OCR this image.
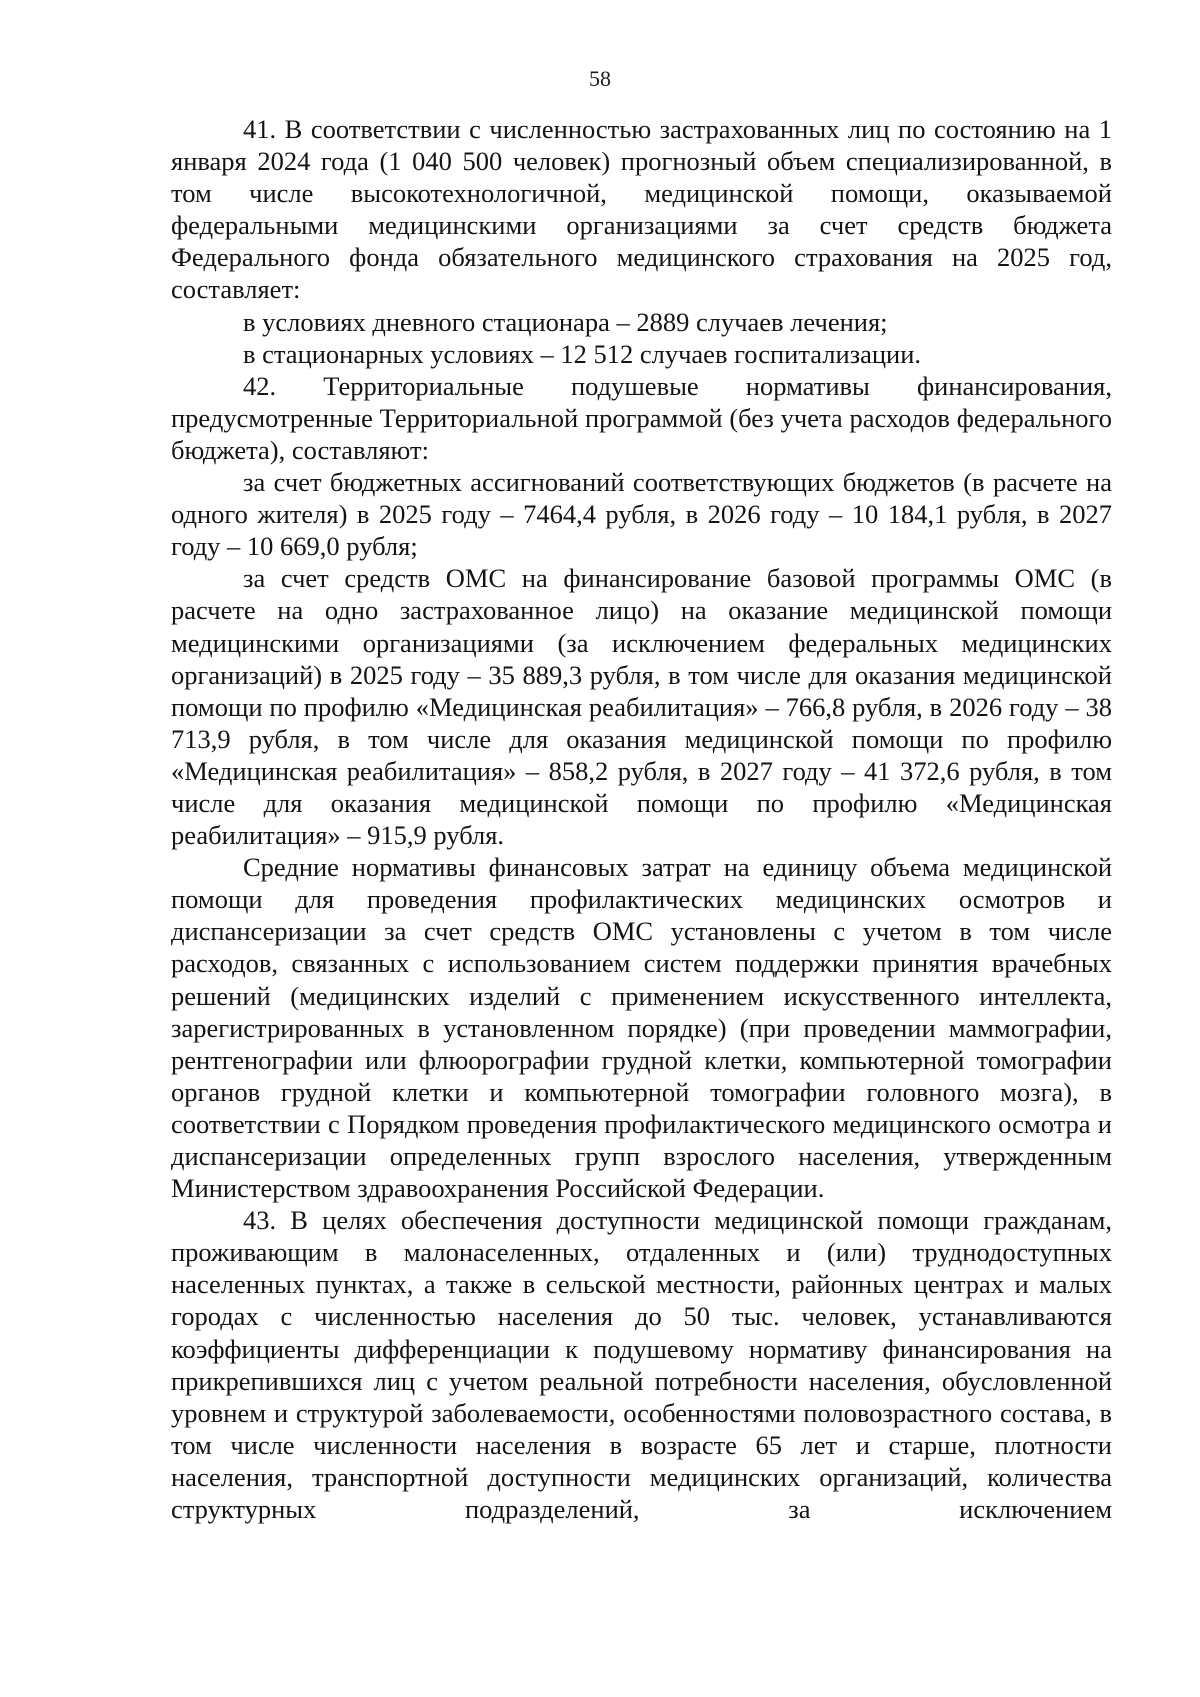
58

41. В соответствии с численностью застрахованных лиц по состоянию на 1 января 2024 года (1 040 500 человек) прогнозный объем специализированной, в том числе высокотехнологичной, медицинской помощи, оказываемой федеральными медицинскими организациями за счет средств бюджета Федерального фонда обязательного медицинского страхования на 2025 год, составляет:

в условиях дневного стационара – 2889 случаев лечения;

в стационарных условиях – 12 512 случаев госпитализации.

42. Территориальные подушевые нормативы финансирования, предусмотренные Территориальной программой (без учета расходов федерального бюджета), составляют:

за счет бюджетных ассигнований соответствующих бюджетов (в расчете на одного жителя) в 2025 году – 7464,4 рубля, в 2026 году – 10 184,1 рубля, в 2027 году – 10 669,0 рубля;

за счет средств ОМС на финансирование базовой программы ОМС (в расчете на одно застрахованное лицо) на оказание медицинской помощи медицинскими организациями (за исключением федеральных медицинских организаций) в 2025 году – 35 889,3 рубля, в том числе для оказания медицинской помощи по профилю «Медицинская реабилитация» – 766,8 рубля, в 2026 году – 38 713,9 рубля, в том числе для оказания медицинской помощи по профилю «Медицинская реабилитация» – 858,2 рубля, в 2027 году – 41 372,6 рубля, в том числе для оказания медицинской помощи по профилю «Медицинская реабилитация» – 915,9 рубля.

Средние нормативы финансовых затрат на единицу объема медицинской помощи для проведения профилактических медицинских осмотров и диспансеризации за счет средств ОМС установлены с учетом в том числе расходов, связанных с использованием систем поддержки принятия врачебных решений (медицинских изделий с применением искусственного интеллекта, зарегистрированных в установленном порядке) (при проведении маммографии, рентгенографии или флюорографии грудной клетки, компьютерной томографии органов грудной клетки и компьютерной томографии головного мозга), в соответствии с Порядком проведения профилактического медицинского осмотра и диспансеризации определенных групп взрослого населения, утвержденным Министерством здравоохранения Российской Федерации.

43. В целях обеспечения доступности медицинской помощи гражданам, проживающим в малонаселенных, отдаленных и (или) труднодоступных населенных пунктах, а также в сельской местности, районных центрах и малых городах с численностью населения до 50 тыс. человек, устанавливаются коэффициенты дифференциации к подушевому нормативу финансирования на прикрепившихся лиц с учетом реальной потребности населения, обусловленной уровнем и структурой заболеваемости, особенностями половозрастного состава, в том числе численности населения в возрасте 65 лет и старше, плотности населения, транспортной доступности медицинских организаций, количества структурных подразделений, за исключением
